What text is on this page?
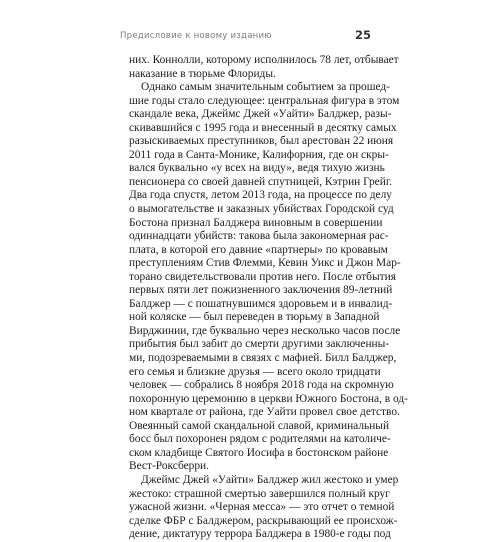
Предисловие к новому изданию	25
них. Коннолли, которому исполнилось 78 лет, отбывает
наказание в тюрьме Флориды.
Однако самым значительным событием за прошед-
шие годы стало следующее: центральная фигура в этом
скандале века, Джеймс Джей «Уайти» Балджер, разы-
скивавшийся с 1995 года и внесенный в десятку самых
разыскиваемых преступников, был арестован 22 июня
2011 года в Санта-Монике, Калифорния, где он скры-
вался буквально «у всех на виду», ведя тихую жизнь
пенсионера со своей давней спутницей, Кэтрин Грейг.
Два года спустя, летом 2013 года, на процессе по делу
о вымогательстве и заказных убийствах Городской суд
Бостона признал Балджера виновным в совершении
одиннадцати убийств: такова была закономерная рас-
плата, в которой его давние «партнеры» по кровавым
преступлениям Стив Флемми, Кевин Уикс и Джон Мар-
торано свидетельствовали против него. После отбытия
первых пяти лет пожизненного заключения 89-летний
Балджер — с пошатнувшимся здоровьем и в инвалид-
ной коляске — был переведен в тюрьму в Западной
Вирджинии, где буквально через несколько часов после
прибытия был забит до смерти другими заключенны-
ми, подозреваемыми в связях с мафией. Билл Балджер,
его семья и близкие друзья — всего около тридцати
человек — собрались 8 ноября 2018 года на скромную
похоронную церемонию в церкви Южного Бостона, в од-
ном квартале от района, где Уайти провел свое детство.
Овеянный самой скандальной славой, криминальный
босс был похоронен рядом с родителями на католиче-
ском кладбище Святого Иосифа в бостонском районе
Вест-Роксберри.
Джеймс Джей «Уайти» Балджер жил жестоко и умер
жестоко: страшной смертью завершился полный круг
ужасной жизни. «Черная месса» — это отчет о темной
сделке ФБР с Балджером, раскрывающий ее происхож-
дение, диктатуру террора Балджера в 1980-е годы под
